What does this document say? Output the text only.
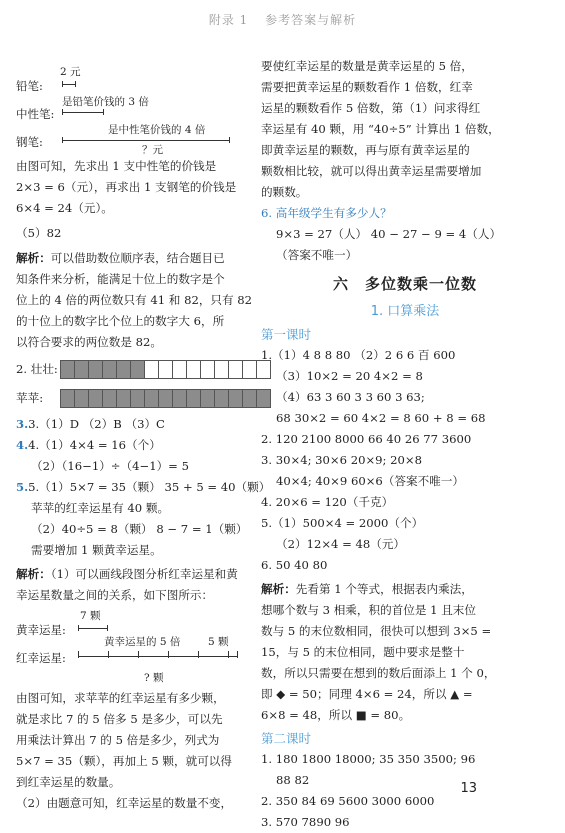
附录 1 参考答案与解析
2 元
铅笔:
是铅笔价钱的 3 倍
中性笔:
是中性笔价钱的 4 倍
钢笔:
？元
由图可知，先求出 1 支中性笔的价钱是
2×3 = 6（元），再求出 1 支钢笔的价钱是
6×4 = 24（元）。
（5）82
解析：可以借助数位顺序表，结合题目已
知条件来分析，能满足十位上的数字是个
位上的 4 倍的两位数只有 41 和 82，只有 82
的十位上的数字比个位上的数字大 6，所
以符合要求的两位数是 82。
2. 壮壮:
苹苹:
3.3.（1）D （2）B （3）C
4.4.（1）4×4 = 16（个）
（2）（16−1）÷（4−1）= 5
5.5.（1）5×7 = 35（颗） 35 + 5 = 40（颗）
苹苹的红幸运星有 40 颗。
（2）40÷5 = 8（颗） 8 − 7 = 1（颗）
需要增加 1 颗黄幸运星。
解析：（1）可以画线段图分析红幸运星和黄
幸运星数量之间的关系，如下图所示：
7 颗
黄幸运星:
黄幸运星的 5 倍	5 颗
红幸运星:
? 颗
由图可知，求苹苹的红幸运星有多少颗，
就是求比 7 的 5 倍多 5 是多少，可以先
用乘法计算出 7 的 5 倍是多少，列式为
5×7 = 35（颗），再加上 5 颗，就可以得
到红幸运星的数量。
（2）由题意可知，红幸运星的数量不变，
要使红幸运星的数量是黄幸运星的 5 倍，
需要把黄幸运星的颗数看作 1 倍数，红幸
运星的颗数看作 5 倍数，第（1）问求得红
幸运星有 40 颗，用 “40÷5” 计算出 1 倍数，
即黄幸运星的颗数，再与原有黄幸运星的
颗数相比较，就可以得出黄幸运星需要增加
的颗数。
6. 高年级学生有多少人？
9×3 = 27（人） 40 − 27 − 9 = 4（人）
（答案不唯一）
六　多位数乘一位数
1. 口算乘法
第一课时
1.（1）4 8 8 80 （2）2 6 6 百 600
（3）10×2 = 20 4×2 = 8
（4）63 3 60 3 3 60 3 63;
68 30×2 = 60 4×2 = 8 60 + 8 = 68
2. 120 2100 8000 66 40 26 77 3600
3. 30×4; 30×6 20×9; 20×8
40×4; 40×9 60×6（答案不唯一）
4. 20×6 = 120（千克）
5.（1）500×4 = 2000（个）
（2）12×4 = 48（元）
6. 50 40 80
解析：先看第 1 个等式，根据表内乘法，
想哪个数与 3 相乘，积的首位是 1 且末位
数与 5 的末位数相同，很快可以想到 3×5 =
15，与 5 的末位相同，题中要求是整十
数，所以只需要在想到的数后面添上 1 个 0，
即 ◆ = 50；同理 4×6 = 24，所以 ▲ =
6×8 = 48，所以 ■ = 80。
第二课时
1. 180 1800 18000; 35 350 3500; 96
88 82
2. 350 84 69 5600 3000 6000
3. 570 7890 96
13
